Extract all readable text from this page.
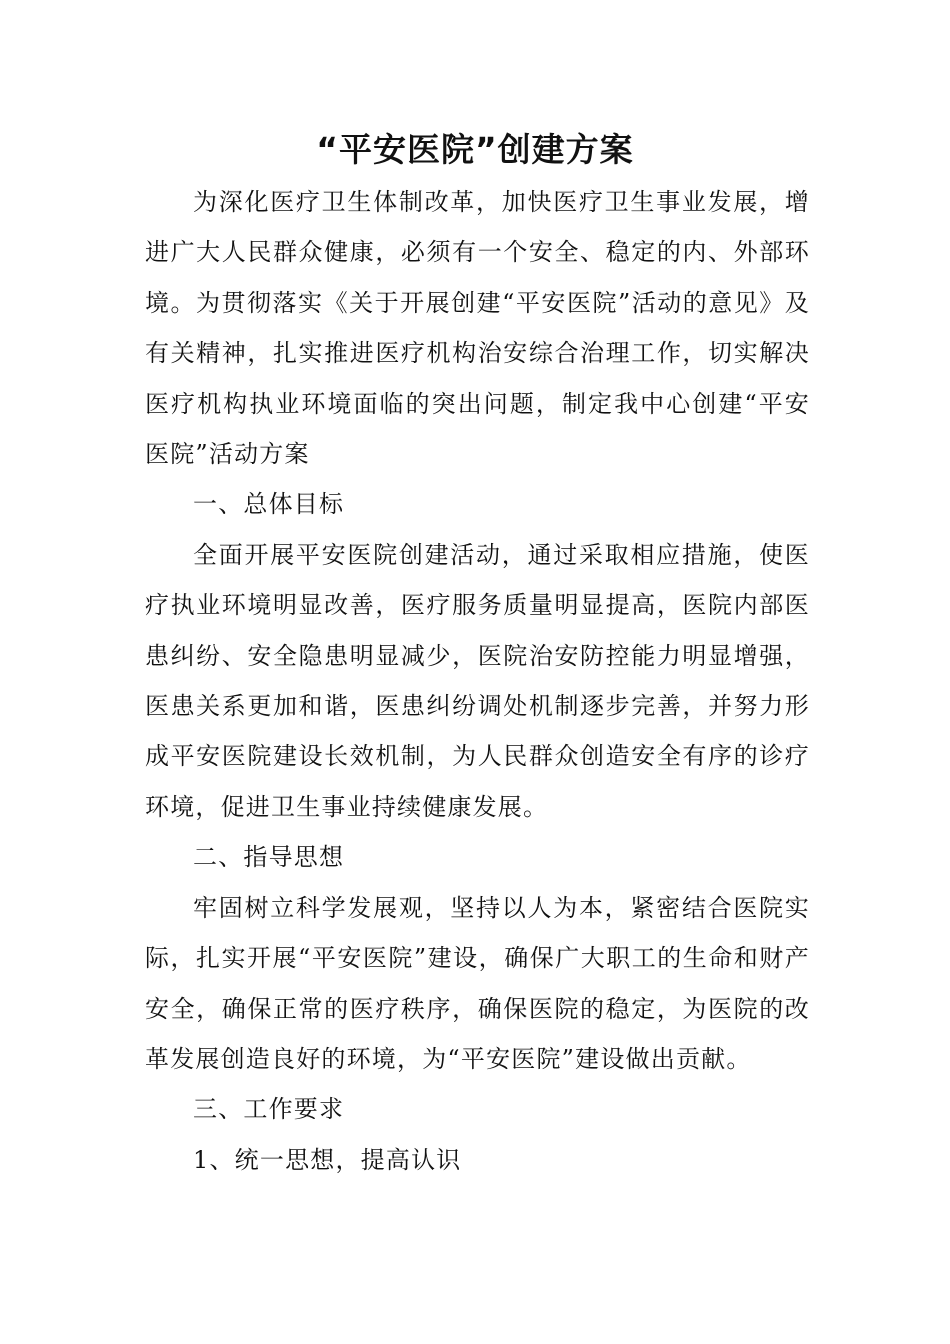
“平安医院”创建方案

为深化医疗卫生体制改革，加快医疗卫生事业发展，增进广大人民群众健康，必须有一个安全、稳定的内、外部环境。为贯彻落实《关于开展创建“平安医院”活动的意见》及有关精神，扎实推进医疗机构治安综合治理工作，切实解决医疗机构执业环境面临的突出问题，制定我中心创建“平安医院”活动方案

一、总体目标

全面开展平安医院创建活动，通过采取相应措施，使医疗执业环境明显改善，医疗服务质量明显提高，医院内部医患纠纷、安全隐患明显减少，医院治安防控能力明显增强，医患关系更加和谐，医患纠纷调处机制逐步完善，并努力形成平安医院建设长效机制，为人民群众创造安全有序的诊疗环境，促进卫生事业持续健康发展。

二、指导思想

牢固树立科学发展观，坚持以人为本，紧密结合医院实际，扎实开展“平安医院”建设，确保广大职工的生命和财产安全，确保正常的医疗秩序，确保医院的稳定，为医院的改革发展创造良好的环境，为“平安医院”建设做出贡献。

三、工作要求

1、统一思想，提高认识
